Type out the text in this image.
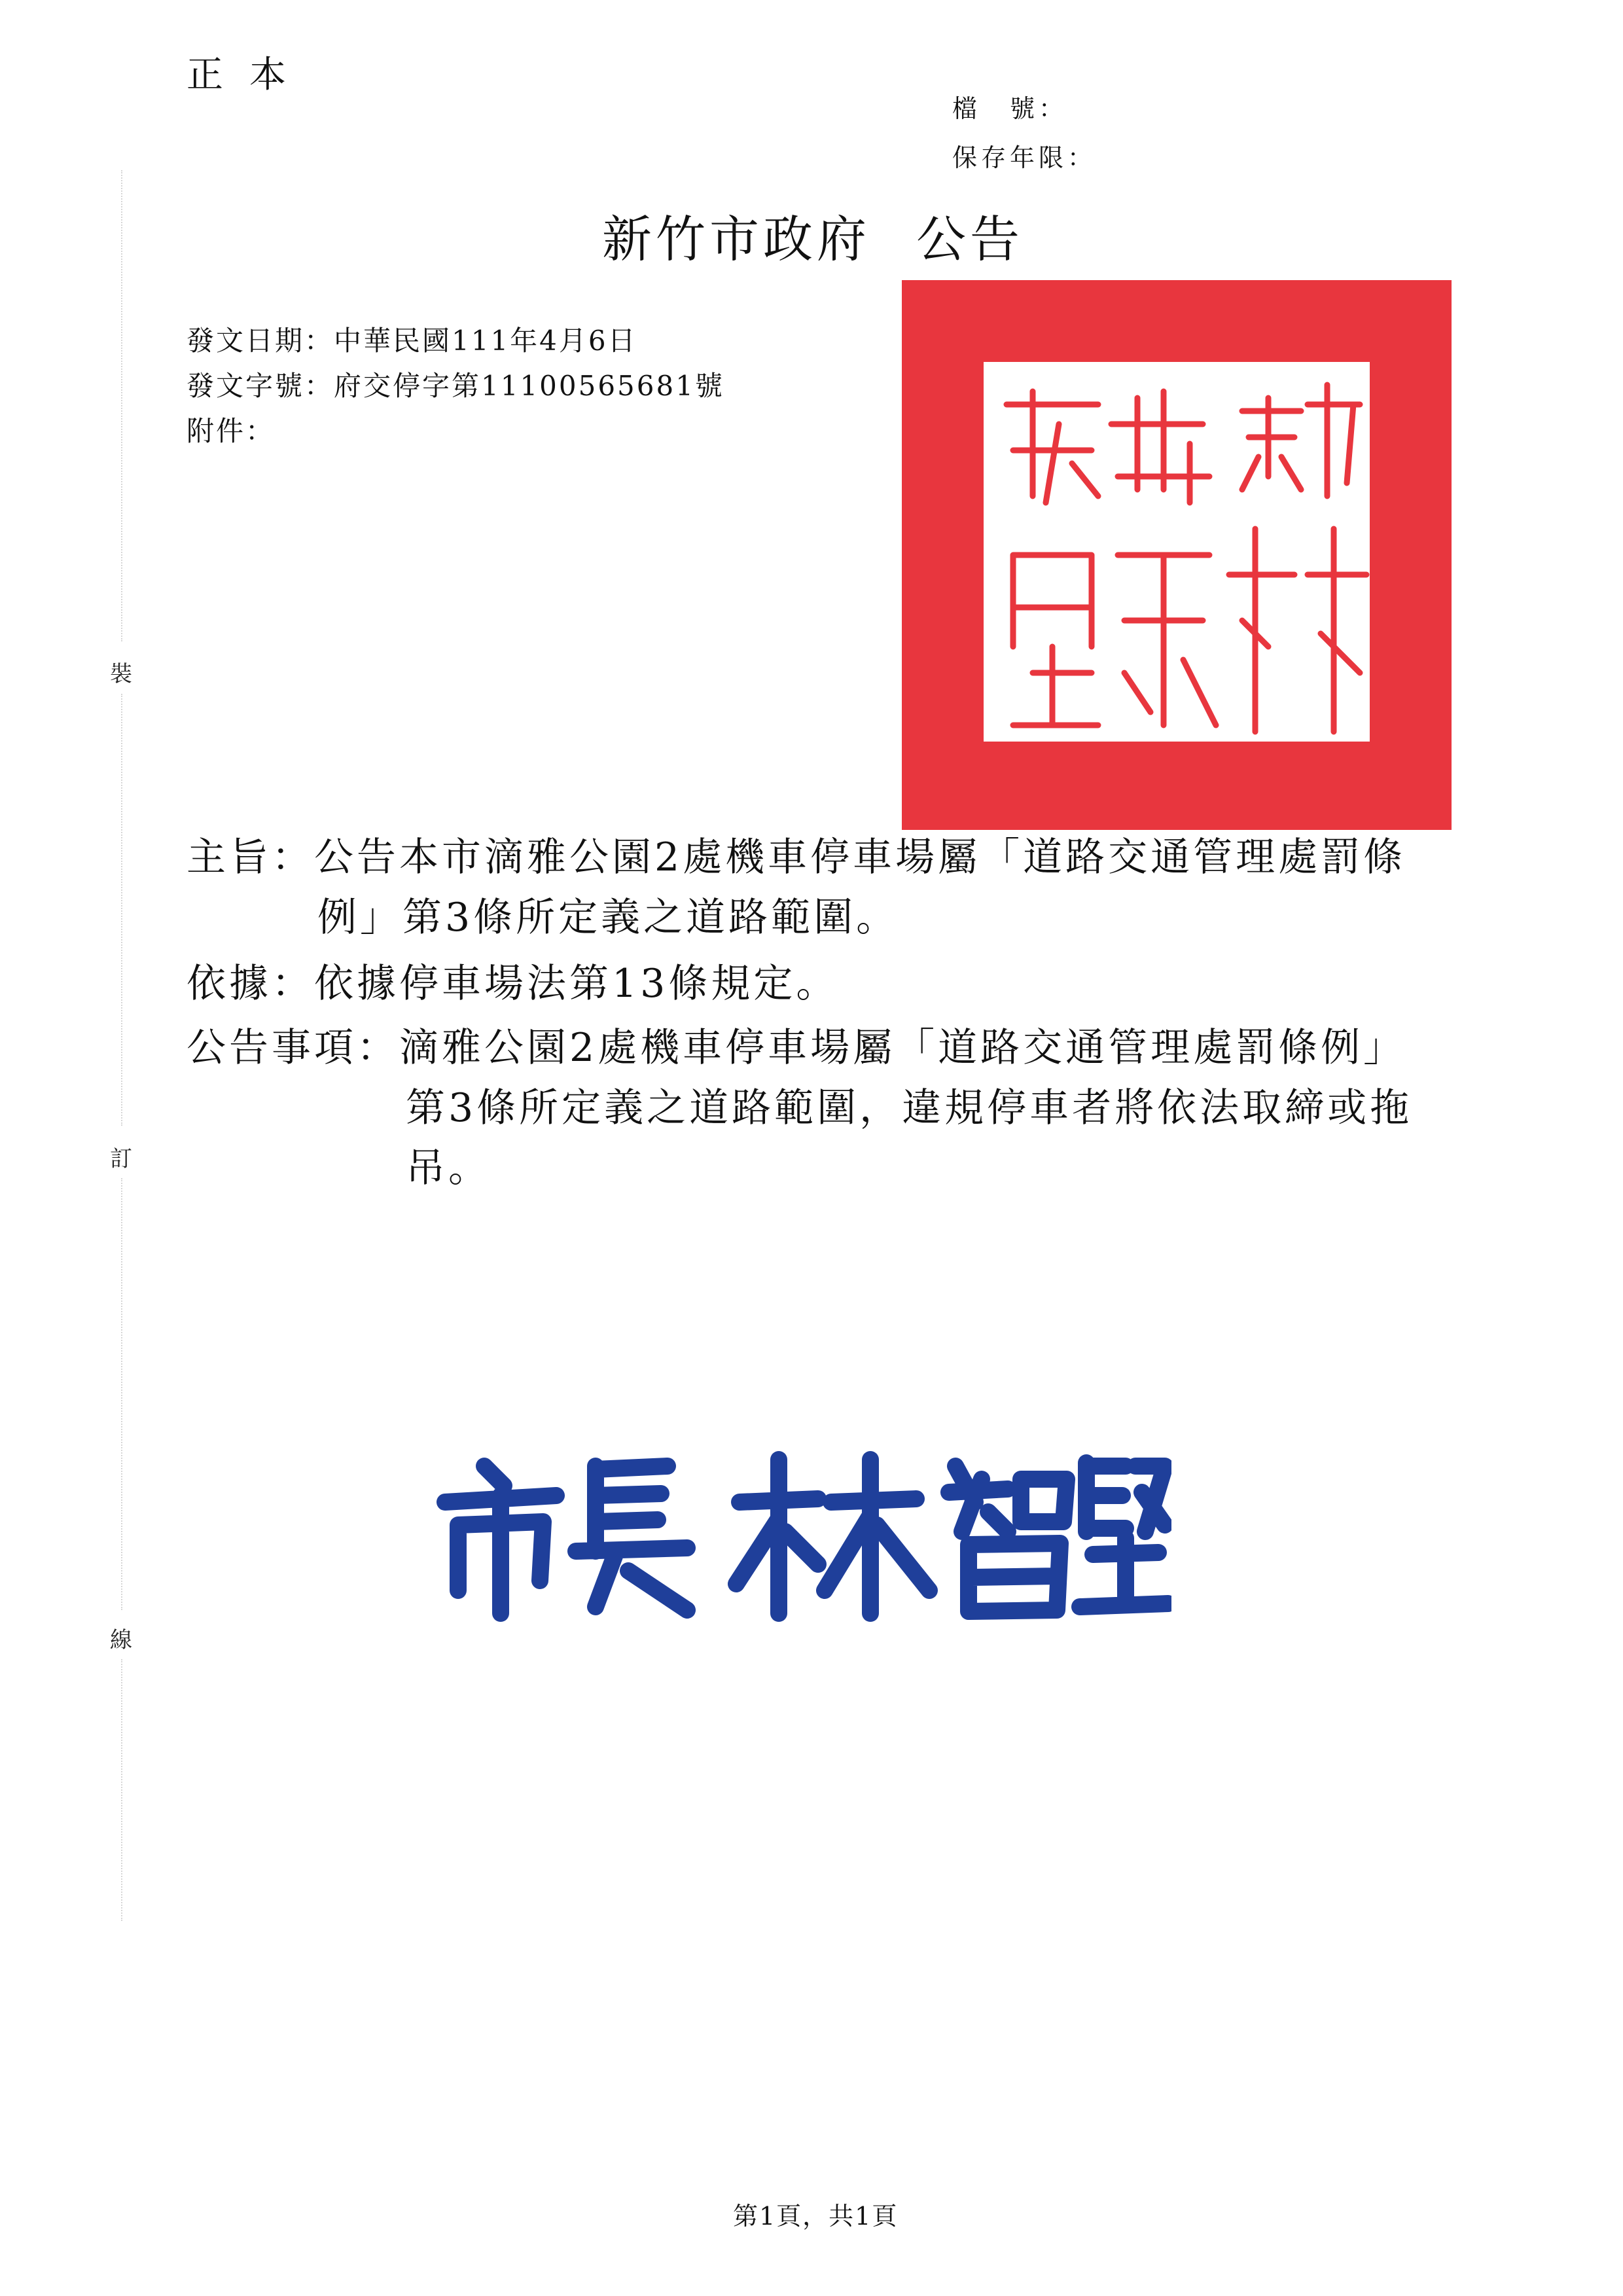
正本
檔　號：
保存年限：
新竹市政府 公告
發文日期：中華民國111年4月6日
發文字號：府交停字第11100565681號
附件：
裝
訂
線
主旨：公告本市滴雅公園2處機車停車場屬「道路交通管理處罰條
例」第3條所定義之道路範圍。
依據：依據停車場法第13條規定。
公告事項：滴雅公園2處機車停車場屬「道路交通管理處罰條例」
第3條所定義之道路範圍，違規停車者將依法取締或拖
吊。
第1頁，共1頁
